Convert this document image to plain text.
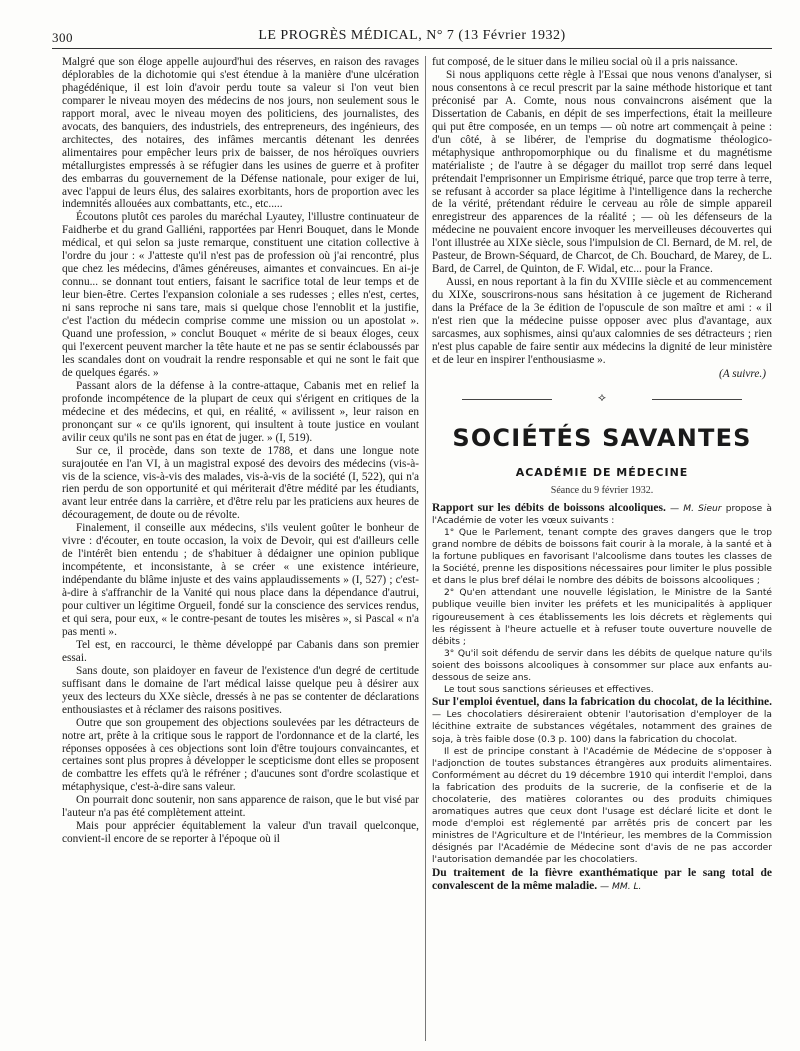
300	LE PROGRÈS MÉDICAL, N° 7 (13 Février 1932)

Malgré que son éloge appelle aujourd'hui des réserves, en raison des ravages déplorables de la dichotomie qui s'est étendue à la manière d'une ulcération phagédénique, il est loin d'avoir perdu toute sa valeur si l'on veut bien comparer le niveau moyen des médecins de nos jours, non seulement sous le rapport moral, avec le niveau moyen des politiciens, des journalistes, des avocats, des banquiers, des industriels, des entrepreneurs, des ingénieurs, des architectes, des notaires, des infâmes mercantis détenant les denrées alimentaires pour empêcher leurs prix de baisser, de nos héroïques ouvriers métallurgistes empressés à se réfugier dans les usines de guerre et à profiter des embarras du gouvernement de la Défense nationale, pour exiger de lui, avec l'appui de leurs élus, des salaires exorbitants, hors de proportion avec les indemnités allouées aux combattants, etc., etc.....

Écoutons plutôt ces paroles du maréchal Lyautey, l'illustre continuateur de Faidherbe et du grand Galliéni, rapportées par Henri Bouquet, dans le Monde médical, et qui selon sa juste remarque, constituent une citation collective à l'ordre du jour : « J'atteste qu'il n'est pas de profession où j'ai rencontré, plus que chez les médecins, d'âmes généreuses, aimantes et convaincues. En ai-je connu... se donnant tout entiers, faisant le sacrifice total de leur temps et de leur bien-être. Certes l'expansion coloniale a ses rudesses ; elles n'est, certes, ni sans reproche ni sans tare, mais si quelque chose l'ennoblit et la justifie, c'est l'action du médecin comprise comme une mission ou un apostolat ». Quand une profession, » conclut Bouquet « mérite de si beaux éloges, ceux qui l'exercent peuvent marcher la tête haute et ne pas se sentir éclaboussés par les scandales dont on voudrait la rendre responsable et qui ne sont le fait que de quelques égarés. »

Passant alors de la défense à la contre-attaque, Cabanis met en relief la profonde incompétence de la plupart de ceux qui s'érigent en critiques de la médecine et des médecins, et qui, en réalité, « avilissent », leur raison en prononçant sur « ce qu'ils ignorent, qui insultent à toute justice en voulant avilir ceux qu'ils ne sont pas en état de juger. » (I, 519).

Sur ce, il procède, dans son texte de 1788, et dans une longue note surajoutée en l'an VI, à un magistral exposé des devoirs des médecins (vis-à-vis de la science, vis-à-vis des malades, vis-à-vis de la société (I, 522), qui n'a rien perdu de son opportunité et qui mériterait d'être médité par les étudiants, avant leur entrée dans la carrière, et d'être relu par les praticiens aux heures de découragement, de doute ou de révolte.

Finalement, il conseille aux médecins, s'ils veulent goûter le bonheur de vivre : d'écouter, en toute occasion, la voix de Devoir, qui est d'ailleurs celle de l'intérêt bien entendu ; de s'habituer à dédaigner une opinion publique incompétente, et inconsistante, à se créer « une existence intérieure, indépendante du blâme injuste et des vains applaudissements » (I, 527) ; c'est-à-dire à s'affranchir de la Vanité qui nous place dans la dépendance d'autrui, pour cultiver un légitime Orgueil, fondé sur la conscience des services rendus, et qui sera, pour eux, « le contre-pesant de toutes les misères », si Pascal « n'a pas menti ».

Tel est, en raccourci, le thème développé par Cabanis dans son premier essai.

Sans doute, son plaidoyer en faveur de l'existence d'un degré de certitude suffisant dans le domaine de l'art médical laisse quelque peu à désirer aux yeux des lecteurs du XXe siècle, dressés à ne pas se contenter de déclarations enthousiastes et à réclamer des raisons positives.

Outre que son groupement des objections soulevées par les détracteurs de notre art, prête à la critique sous le rapport de l'ordonnance et de la clarté, les réponses opposées à ces objections sont loin d'être toujours convaincantes, et certaines sont plus propres à développer le scepticisme dont elles se proposent de combattre les effets qu'à le réfréner ; d'aucunes sont d'ordre scolastique et métaphysique, c'est-à-dire sans valeur.

On pourrait donc soutenir, non sans apparence de raison, que le but visé par l'auteur n'a pas été complètement atteint.

Mais pour apprécier équitablement la valeur d'un travail quelconque, convient-il encore de se reporter à l'époque où il

fut composé, de le situer dans le milieu social où il a pris naissance.

Si nous appliquons cette règle à l'Essai que nous venons d'analyser, si nous consentons à ce recul prescrit par la saine méthode historique et tant préconisé par A. Comte, nous nous convaincrons aisément que la Dissertation de Cabanis, en dépit de ses imperfections, était la meilleure qui put être composée, en un temps — où notre art commençait à peine : d'un côté, à se libérer, de l'emprise du dogmatisme théologico-métaphysique anthropomorphique ou du finalisme et du magnétisme matérialiste ; de l'autre à se dégager du maillot trop serré dans lequel prétendait l'emprisonner un Empirisme étriqué, parce que trop terre à terre, se refusant à accorder sa place légitime à l'intelligence dans la recherche de la vérité, prétendant réduire le cerveau au rôle de simple appareil enregistreur des apparences de la réalité ; — où les défenseurs de la médecine ne pouvaient encore invoquer les merveilleuses découvertes qui l'ont illustrée au XIXe siècle, sous l'impulsion de Cl. Bernard, de M. rel, de Pasteur, de Brown-Séquard, de Charcot, de Ch. Bouchard, de Marey, de L. Bard, de Carrel, de Quinton, de F. Widal, etc... pour la France.

Aussi, en nous reportant à la fin du XVIIIe siècle et au commencement du XIXe, souscrirons-nous sans hésitation à ce jugement de Richerand dans la Préface de la 3e édition de l'opuscule de son maître et ami : « il n'est rien que la médecine puisse opposer avec plus d'avantage, aux sarcasmes, aux sophismes, ainsi qu'aux calomnies de ses détracteurs ; rien n'est plus capable de faire sentir aux médecins la dignité de leur ministère et de leur en inspirer l'enthousiasme ».

(A suivre.)
⟡
SOCIÉTÉS SAVANTES
ACADÉMIE DE MÉDECINE
Séance du 9 février 1932.

Rapport sur les débits de boissons alcooliques. — M. Sieur propose à l'Académie de voter les vœux suivants :

1° Que le Parlement, tenant compte des graves dangers que le trop grand nombre de débits de boissons fait courir à la morale, à la santé et à la fortune publiques en favorisant l'alcoolisme dans toutes les classes de la Société, prenne les dispositions nécessaires pour limiter le plus possible et dans le plus bref délai le nombre des débits de boissons alcooliques ;

2° Qu'en attendant une nouvelle législation, le Ministre de la Santé publique veuille bien inviter les préfets et les municipalités à appliquer rigoureusement à ces établissements les lois décrets et règlements qui les régissent à l'heure actuelle et à refuser toute ouverture nouvelle de débits ;

3° Qu'il soit défendu de servir dans les débits de quelque nature qu'ils soient des boissons alcooliques à consommer sur place aux enfants au-dessous de seize ans.

Le tout sous sanctions sérieuses et effectives.

Sur l'emploi éventuel, dans la fabrication du chocolat, de la lécithine. — Les chocolatiers désireraient obtenir l'autorisation d'employer de la lécithine extraite de substances végétales, notamment des graines de soja, à très faible dose (0.3 p. 100) dans la fabrication du chocolat.

Il est de principe constant à l'Académie de Médecine de s'opposer à l'adjonction de toutes substances étrangères aux produits alimentaires. Conformément au décret du 19 décembre 1910 qui interdit l'emploi, dans la fabrication des produits de la sucrerie, de la confiserie et de la chocolaterie, des matières colorantes ou des produits chimiques aromatiques autres que ceux dont l'usage est déclaré licite et dont le mode d'emploi est réglementé par arrêtés pris de concert par les ministres de l'Agriculture et de l'Intérieur, les membres de la Commission désignés par l'Académie de Médecine sont d'avis de ne pas accorder l'autorisation demandée par les chocolatiers.

Du traitement de la fièvre exanthématique par le sang total de convalescent de la même maladie. — MM. L.
